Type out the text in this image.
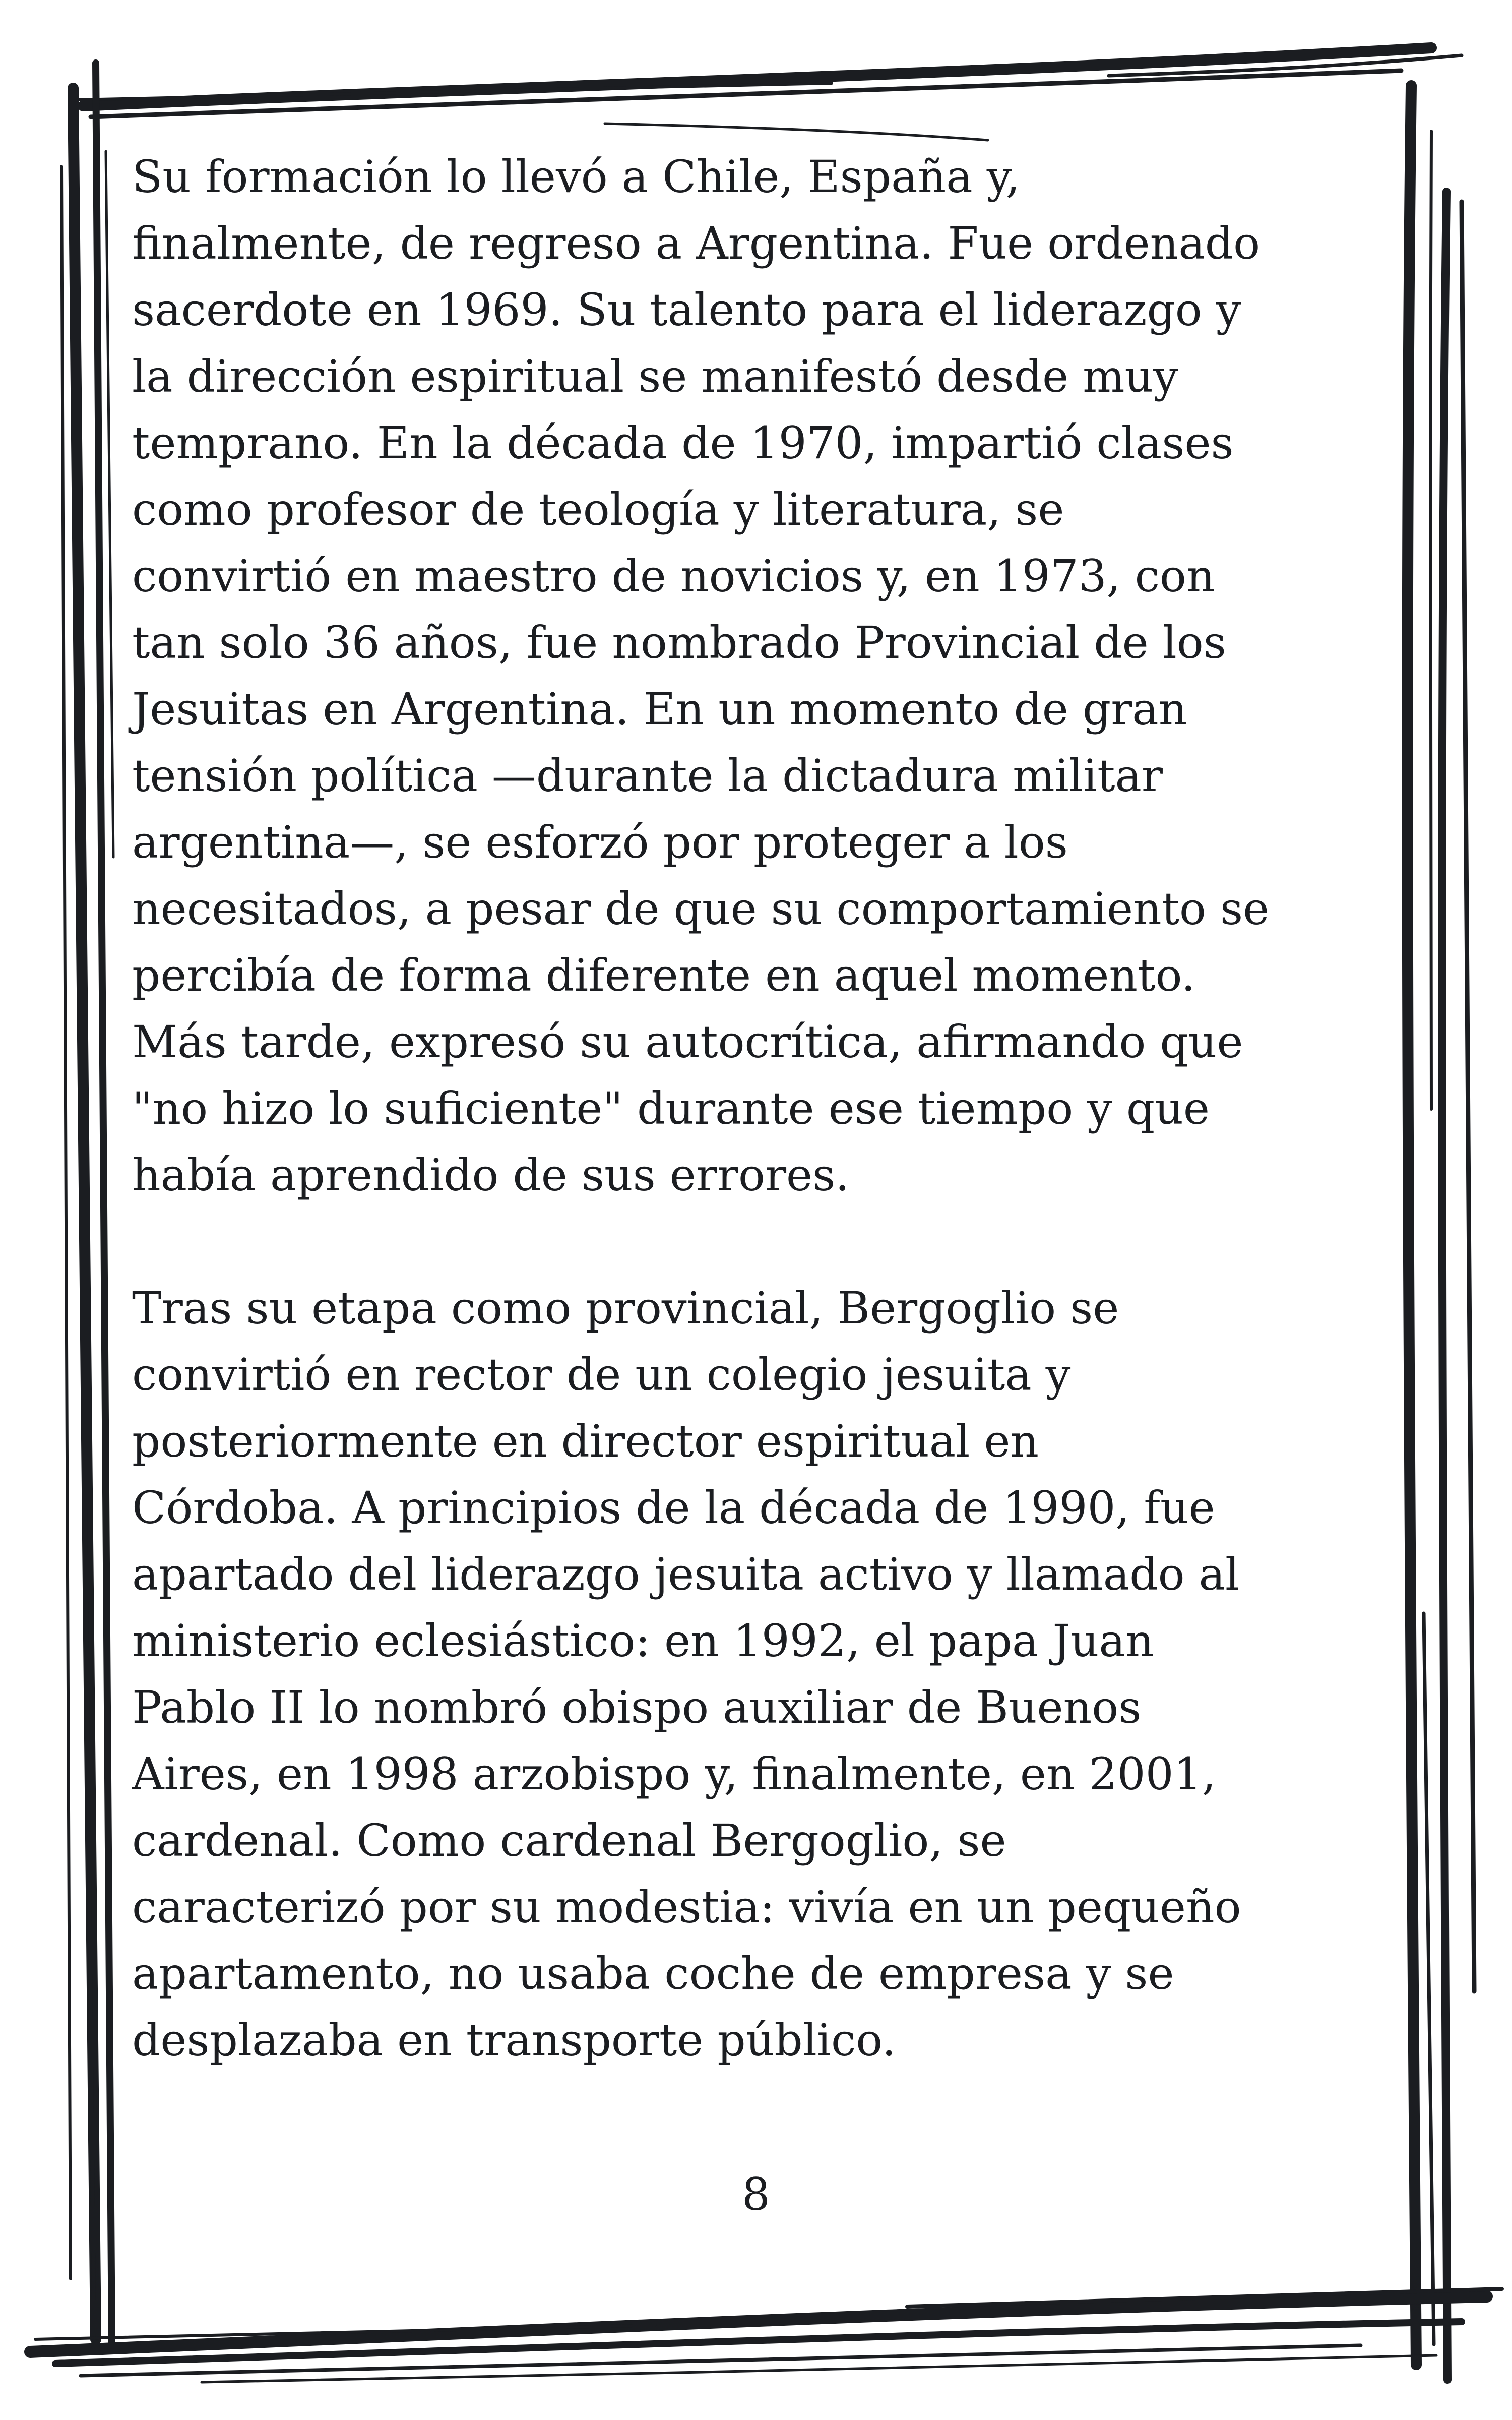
Su formación lo llevó a Chile, España y,
finalmente, de regreso a Argentina. Fue ordenado
sacerdote en 1969. Su talento para el liderazgo y
la dirección espiritual se manifestó desde muy
temprano. En la década de 1970, impartió clases
como profesor de teología y literatura, se
convirtió en maestro de novicios y, en 1973, con
tan solo 36 años, fue nombrado Provincial de los
Jesuitas en Argentina. En un momento de gran
tensión política —durante la dictadura militar
argentina—, se esforzó por proteger a los
necesitados, a pesar de que su comportamiento se
percibía de forma diferente en aquel momento.
Más tarde, expresó su autocrítica, afirmando que
"no hizo lo suficiente" durante ese tiempo y que
había aprendido de sus errores.

Tras su etapa como provincial, Bergoglio se
convirtió en rector de un colegio jesuita y
posteriormente en director espiritual en
Córdoba. A principios de la década de 1990, fue
apartado del liderazgo jesuita activo y llamado al
ministerio eclesiástico: en 1992, el papa Juan
Pablo II lo nombró obispo auxiliar de Buenos
Aires, en 1998 arzobispo y, finalmente, en 2001,
cardenal. Como cardenal Bergoglio, se
caracterizó por su modestia: vivía en un pequeño
apartamento, no usaba coche de empresa y se
desplazaba en transporte público.

8
